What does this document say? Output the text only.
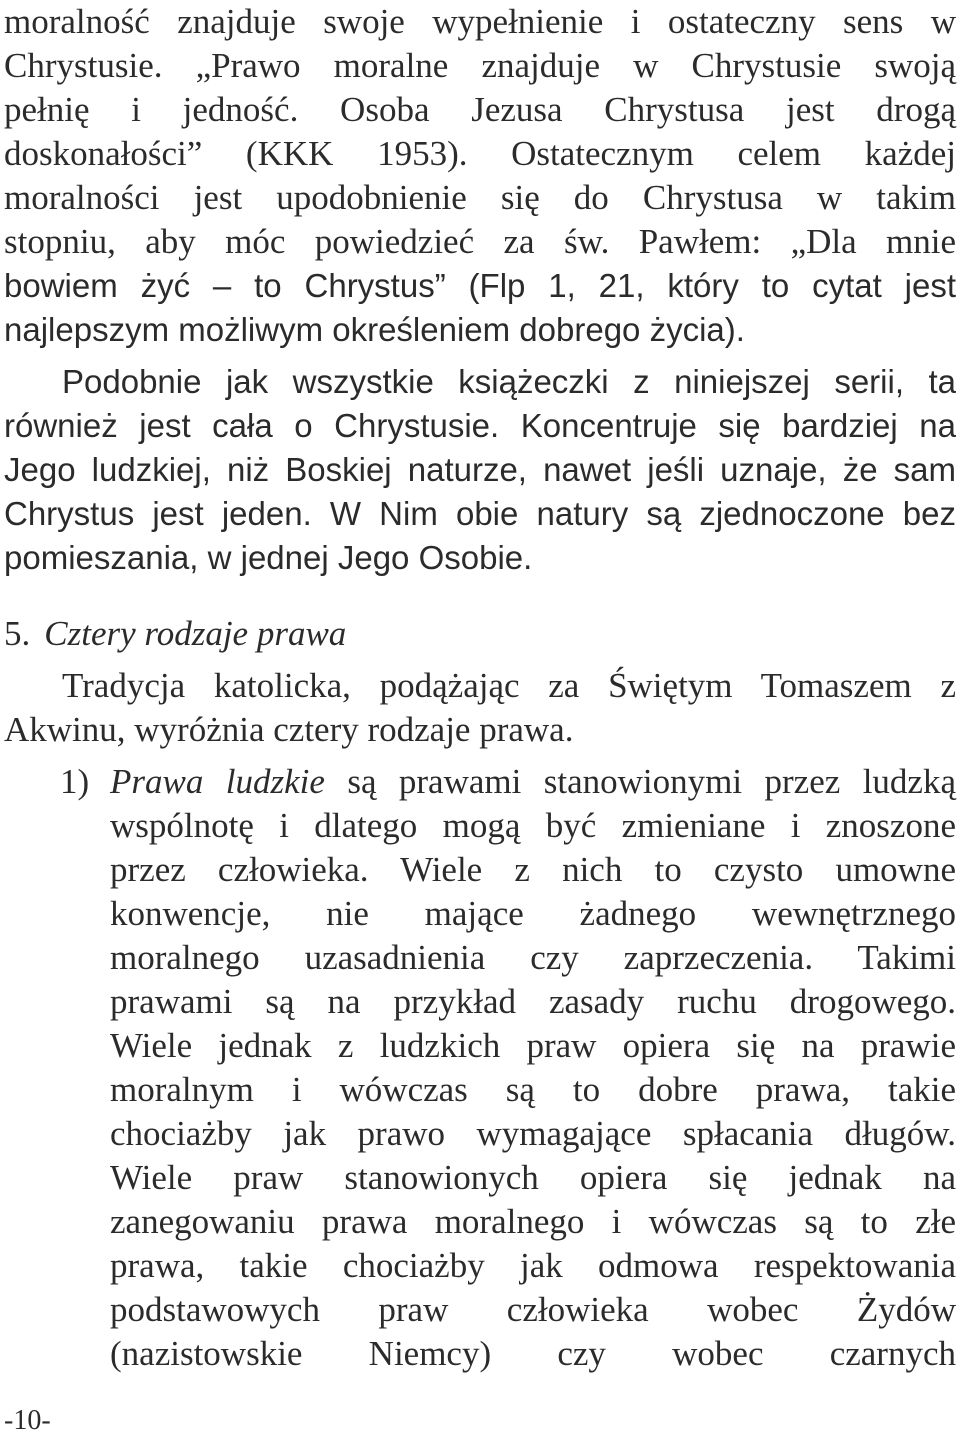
moralność znajduje swoje wypełnienie i ostateczny sens w
Chrystusie. „Prawo moralne znajduje w Chrystusie swoją
pełnię i jedność. Osoba Jezusa Chrystusa jest drogą
doskonałości” (KKK 1953). Ostatecznym celem każdej
moralności jest upodobnienie się do Chrystusa w takim
stopniu, aby móc powiedzieć za św. Pawłem: „Dla mnie
bowiem żyć – to Chrystus” (Flp 1, 21, który to cytat jest
najlepszym możliwym określeniem dobrego życia).
Podobnie jak wszystkie książeczki z niniejszej serii, ta
również jest cała o Chrystusie. Koncentruje się bardziej na
Jego ludzkiej, niż Boskiej naturze, nawet jeśli uznaje, że sam
Chrystus jest jeden. W Nim obie natury są zjednoczone bez
pomieszania, w jednej Jego Osobie.
5. Cztery rodzaje prawa
Tradycja katolicka, podążając za Świętym Tomaszem z
Akwinu, wyróżnia cztery rodzaje prawa.
1) Prawa ludzkie są prawami stanowionymi przez ludzką
wspólnotę i dlatego mogą być zmieniane i znoszone
przez człowieka. Wiele z nich to czysto umowne
konwencje, nie mające żadnego wewnętrznego
moralnego uzasadnienia czy zaprzeczenia. Takimi
prawami są na przykład zasady ruchu drogowego.
Wiele jednak z ludzkich praw opiera się na prawie
moralnym i wówczas są to dobre prawa, takie
chociażby jak prawo wymagające spłacania długów.
Wiele praw stanowionych opiera się jednak na
zanegowaniu prawa moralnego i wówczas są to złe
prawa, takie chociażby jak odmowa respektowania
podstawowych praw człowieka wobec Żydów
(nazistowskie Niemcy) czy wobec czarnych
-10-
